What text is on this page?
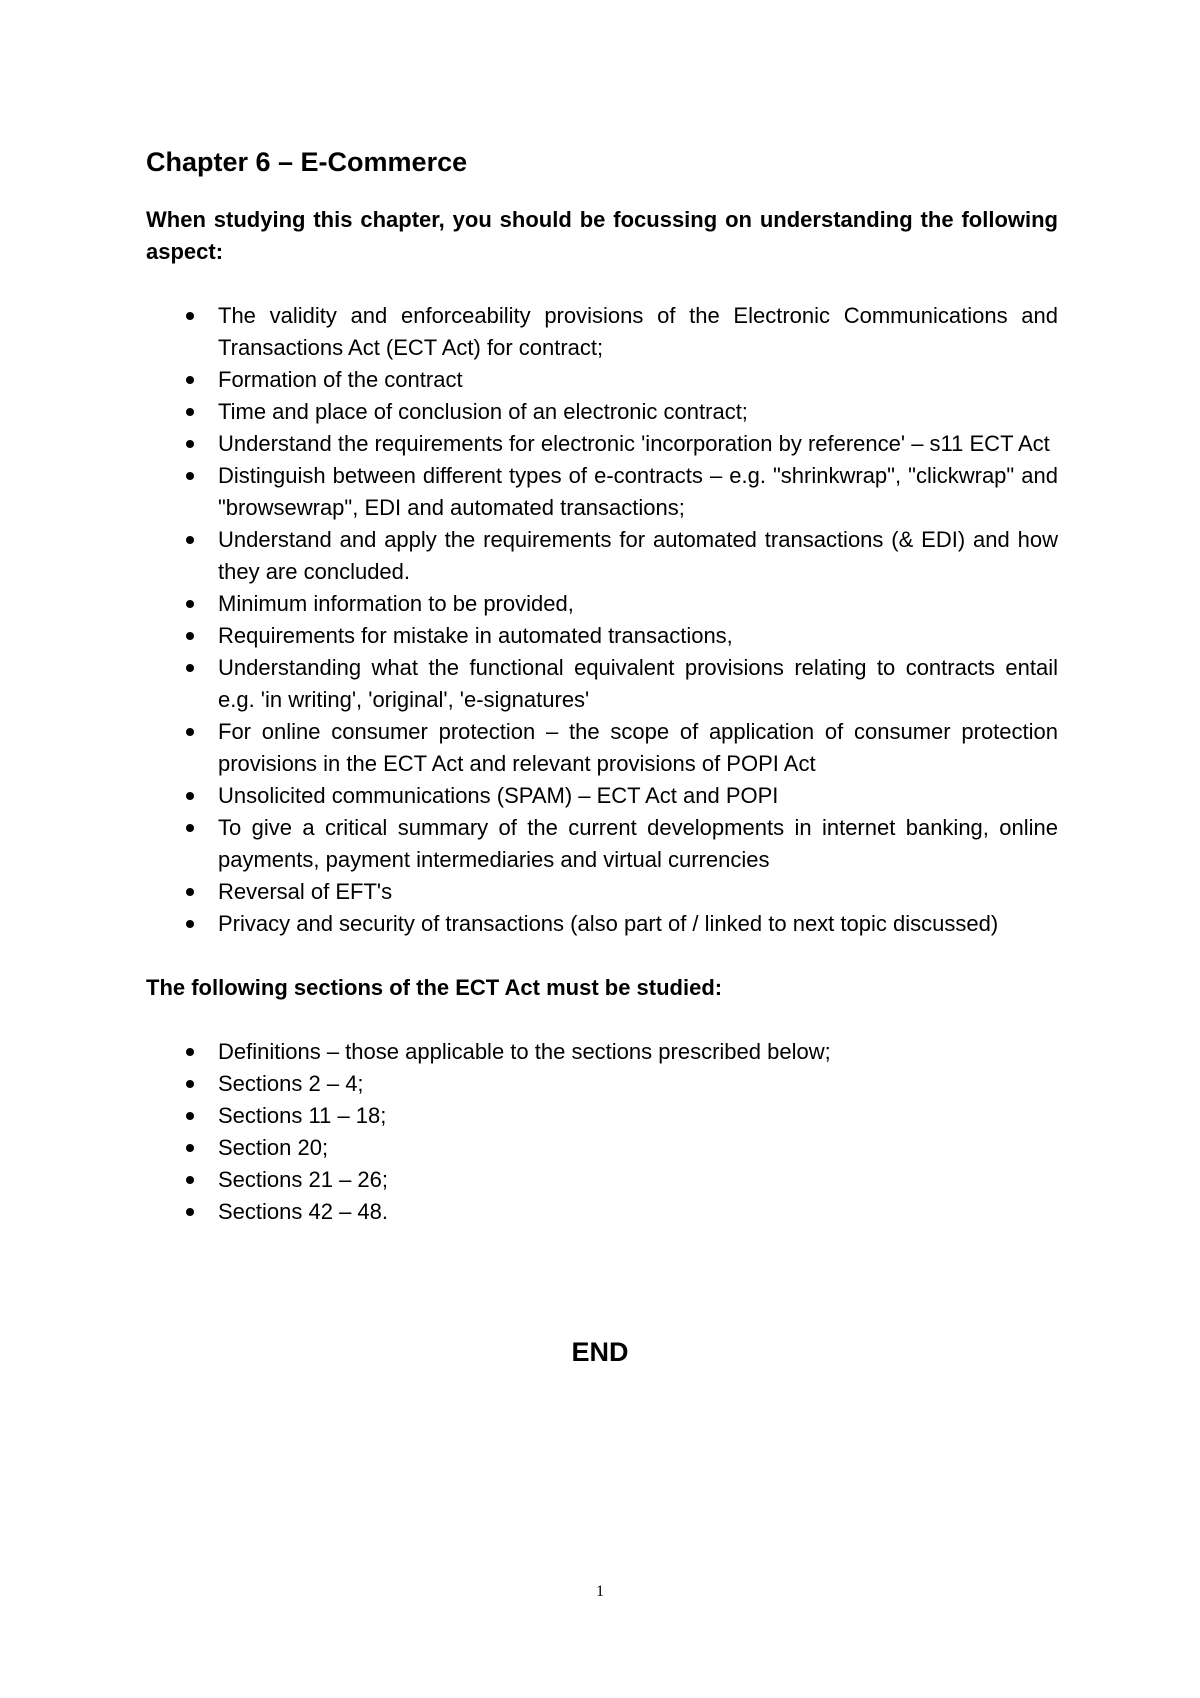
Chapter 6 – E-Commerce

When studying this chapter, you should be focussing on understanding the following aspect:

The validity and enforceability provisions of the Electronic Communications and Transactions Act (ECT Act) for contract;
Formation of the contract
Time and place of conclusion of an electronic contract;
Understand the requirements for electronic 'incorporation by reference' – s11 ECT Act
Distinguish between different types of e-contracts – e.g. "shrinkwrap", "clickwrap" and "browsewrap", EDI and automated transactions;
Understand and apply the requirements for automated transactions (& EDI) and how they are concluded.
Minimum information to be provided,
Requirements for mistake in automated transactions,
Understanding what the functional equivalent provisions relating to contracts entail e.g. 'in writing', 'original', 'e-signatures'
For online consumer protection – the scope of application of consumer protection provisions in the ECT Act and relevant provisions of POPI Act
Unsolicited communications (SPAM) – ECT Act and POPI
To give a critical summary of the current developments in internet banking, online payments, payment intermediaries and virtual currencies
Reversal of EFT's
Privacy and security of transactions (also part of / linked to next topic discussed)

The following sections of the ECT Act must be studied:

Definitions – those applicable to the sections prescribed below;
Sections 2 – 4;
Sections 11 – 18;
Section 20;
Sections 21 – 26;
Sections 42 – 48.
END
1
